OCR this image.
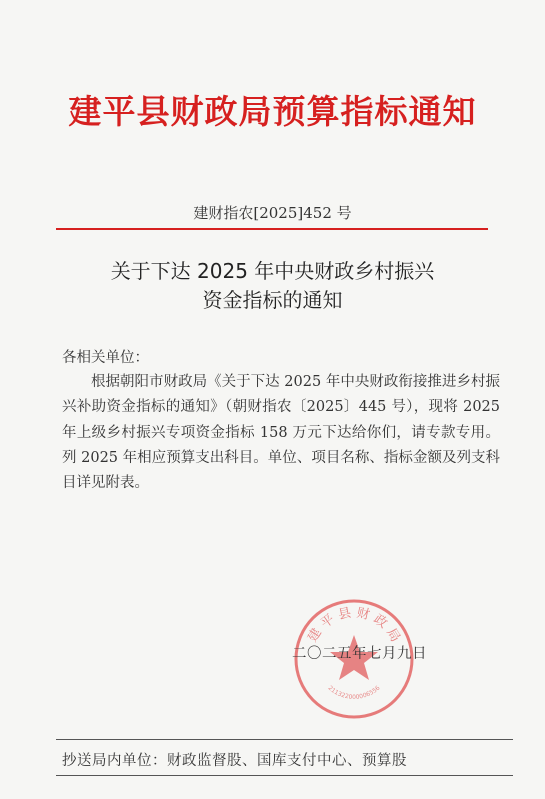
建平县财政局预算指标通知
建财指农[2025]452 号
关于下达 2025 年中央财政乡村振兴
资金指标的通知
各相关单位：
根据朝阳市财政局《关于下达 2025 年中央财政衔接推进乡村振兴补助资金指标的通知》（朝财指农〔2025〕445 号），现将 2025 年上级乡村振兴专项资金指标 158 万元下达给你们，请专款专用。列 2025 年相应预算支出科目。单位、项目名称、指标金额及列支科目详见附表。
建 平 县 财 政 局
211322000006556
二〇二五年七月九日
抄送局内单位：财政监督股、国库支付中心、预算股
